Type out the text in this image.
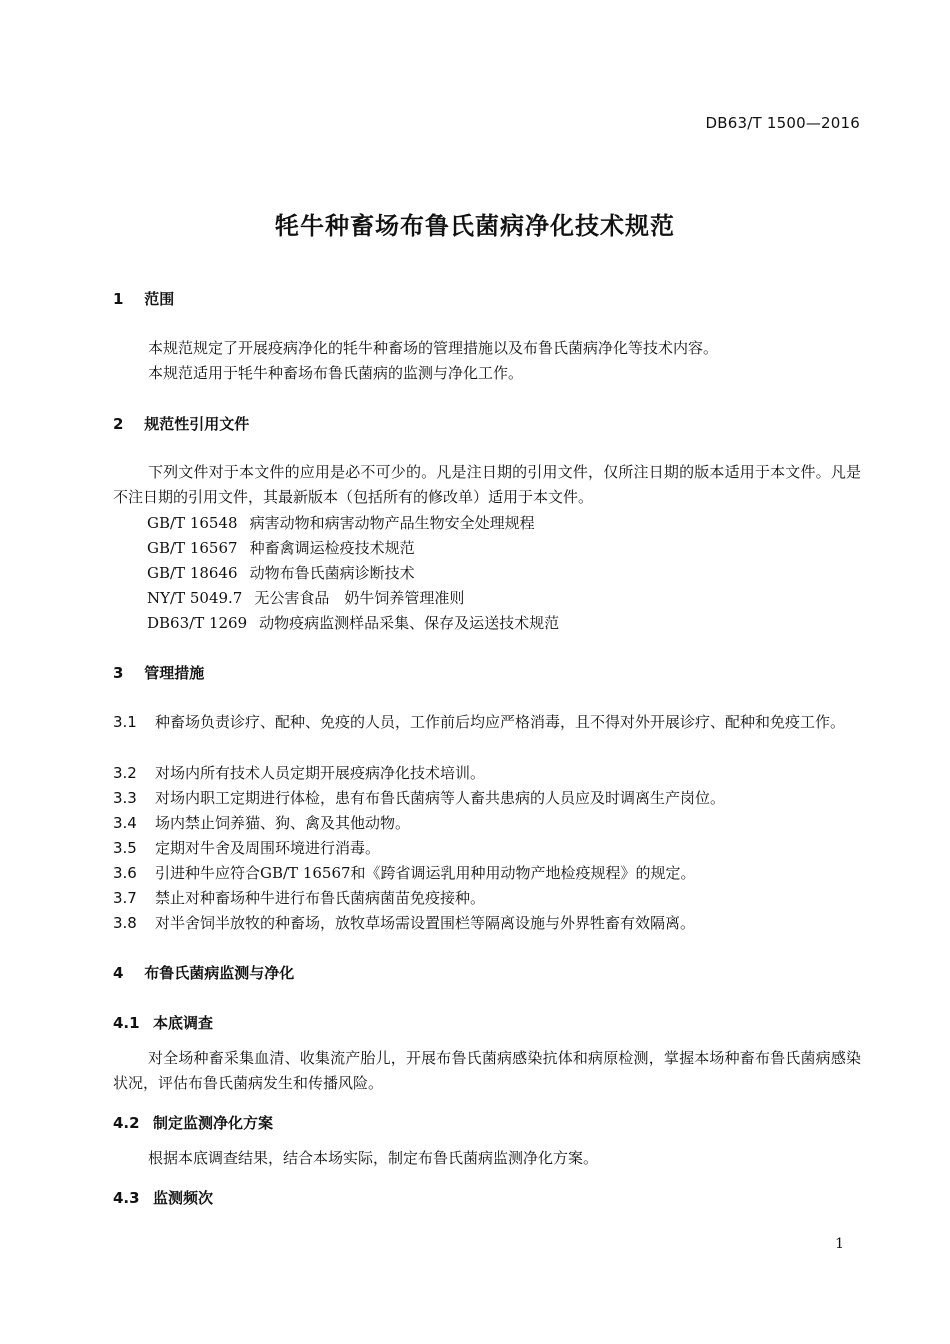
DB63/T 1500—2016
牦牛种畜场布鲁氏菌病净化技术规范
1 范围
本规范规定了开展疫病净化的牦牛种畜场的管理措施以及布鲁氏菌病净化等技术内容。
本规范适用于牦牛种畜场布鲁氏菌病的监测与净化工作。
2 规范性引用文件
下列文件对于本文件的应用是必不可少的。凡是注日期的引用文件，仅所注日期的版本适用于本文件。凡是不注日期的引用文件，其最新版本（包括所有的修改单）适用于本文件。
GB/T 16548 病害动物和病害动物产品生物安全处理规程
GB/T 16567 种畜禽调运检疫技术规范
GB/T 18646 动物布鲁氏菌病诊断技术
NY/T 5049.7 无公害食品　奶牛饲养管理准则
DB63/T 1269 动物疫病监测样品采集、保存及运送技术规范
3 管理措施
3.1 种畜场负责诊疗、配种、免疫的人员，工作前后均应严格消毒，且不得对外开展诊疗、配种和免疫工作。
3.2 对场内所有技术人员定期开展疫病净化技术培训。
3.3 对场内职工定期进行体检，患有布鲁氏菌病等人畜共患病的人员应及时调离生产岗位。
3.4 场内禁止饲养猫、狗、禽及其他动物。
3.5 定期对牛舍及周围环境进行消毒。
3.6 引进种牛应符合GB/T 16567和《跨省调运乳用种用动物产地检疫规程》的规定。
3.7 禁止对种畜场种牛进行布鲁氏菌病菌苗免疫接种。
3.8 对半舍饲半放牧的种畜场，放牧草场需设置围栏等隔离设施与外界牲畜有效隔离。
4 布鲁氏菌病监测与净化
4.1 本底调查
对全场种畜采集血清、收集流产胎儿，开展布鲁氏菌病感染抗体和病原检测，掌握本场种畜布鲁氏菌病感染状况，评估布鲁氏菌病发生和传播风险。
4.2 制定监测净化方案
根据本底调查结果，结合本场实际，制定布鲁氏菌病监测净化方案。
4.3 监测频次
1
